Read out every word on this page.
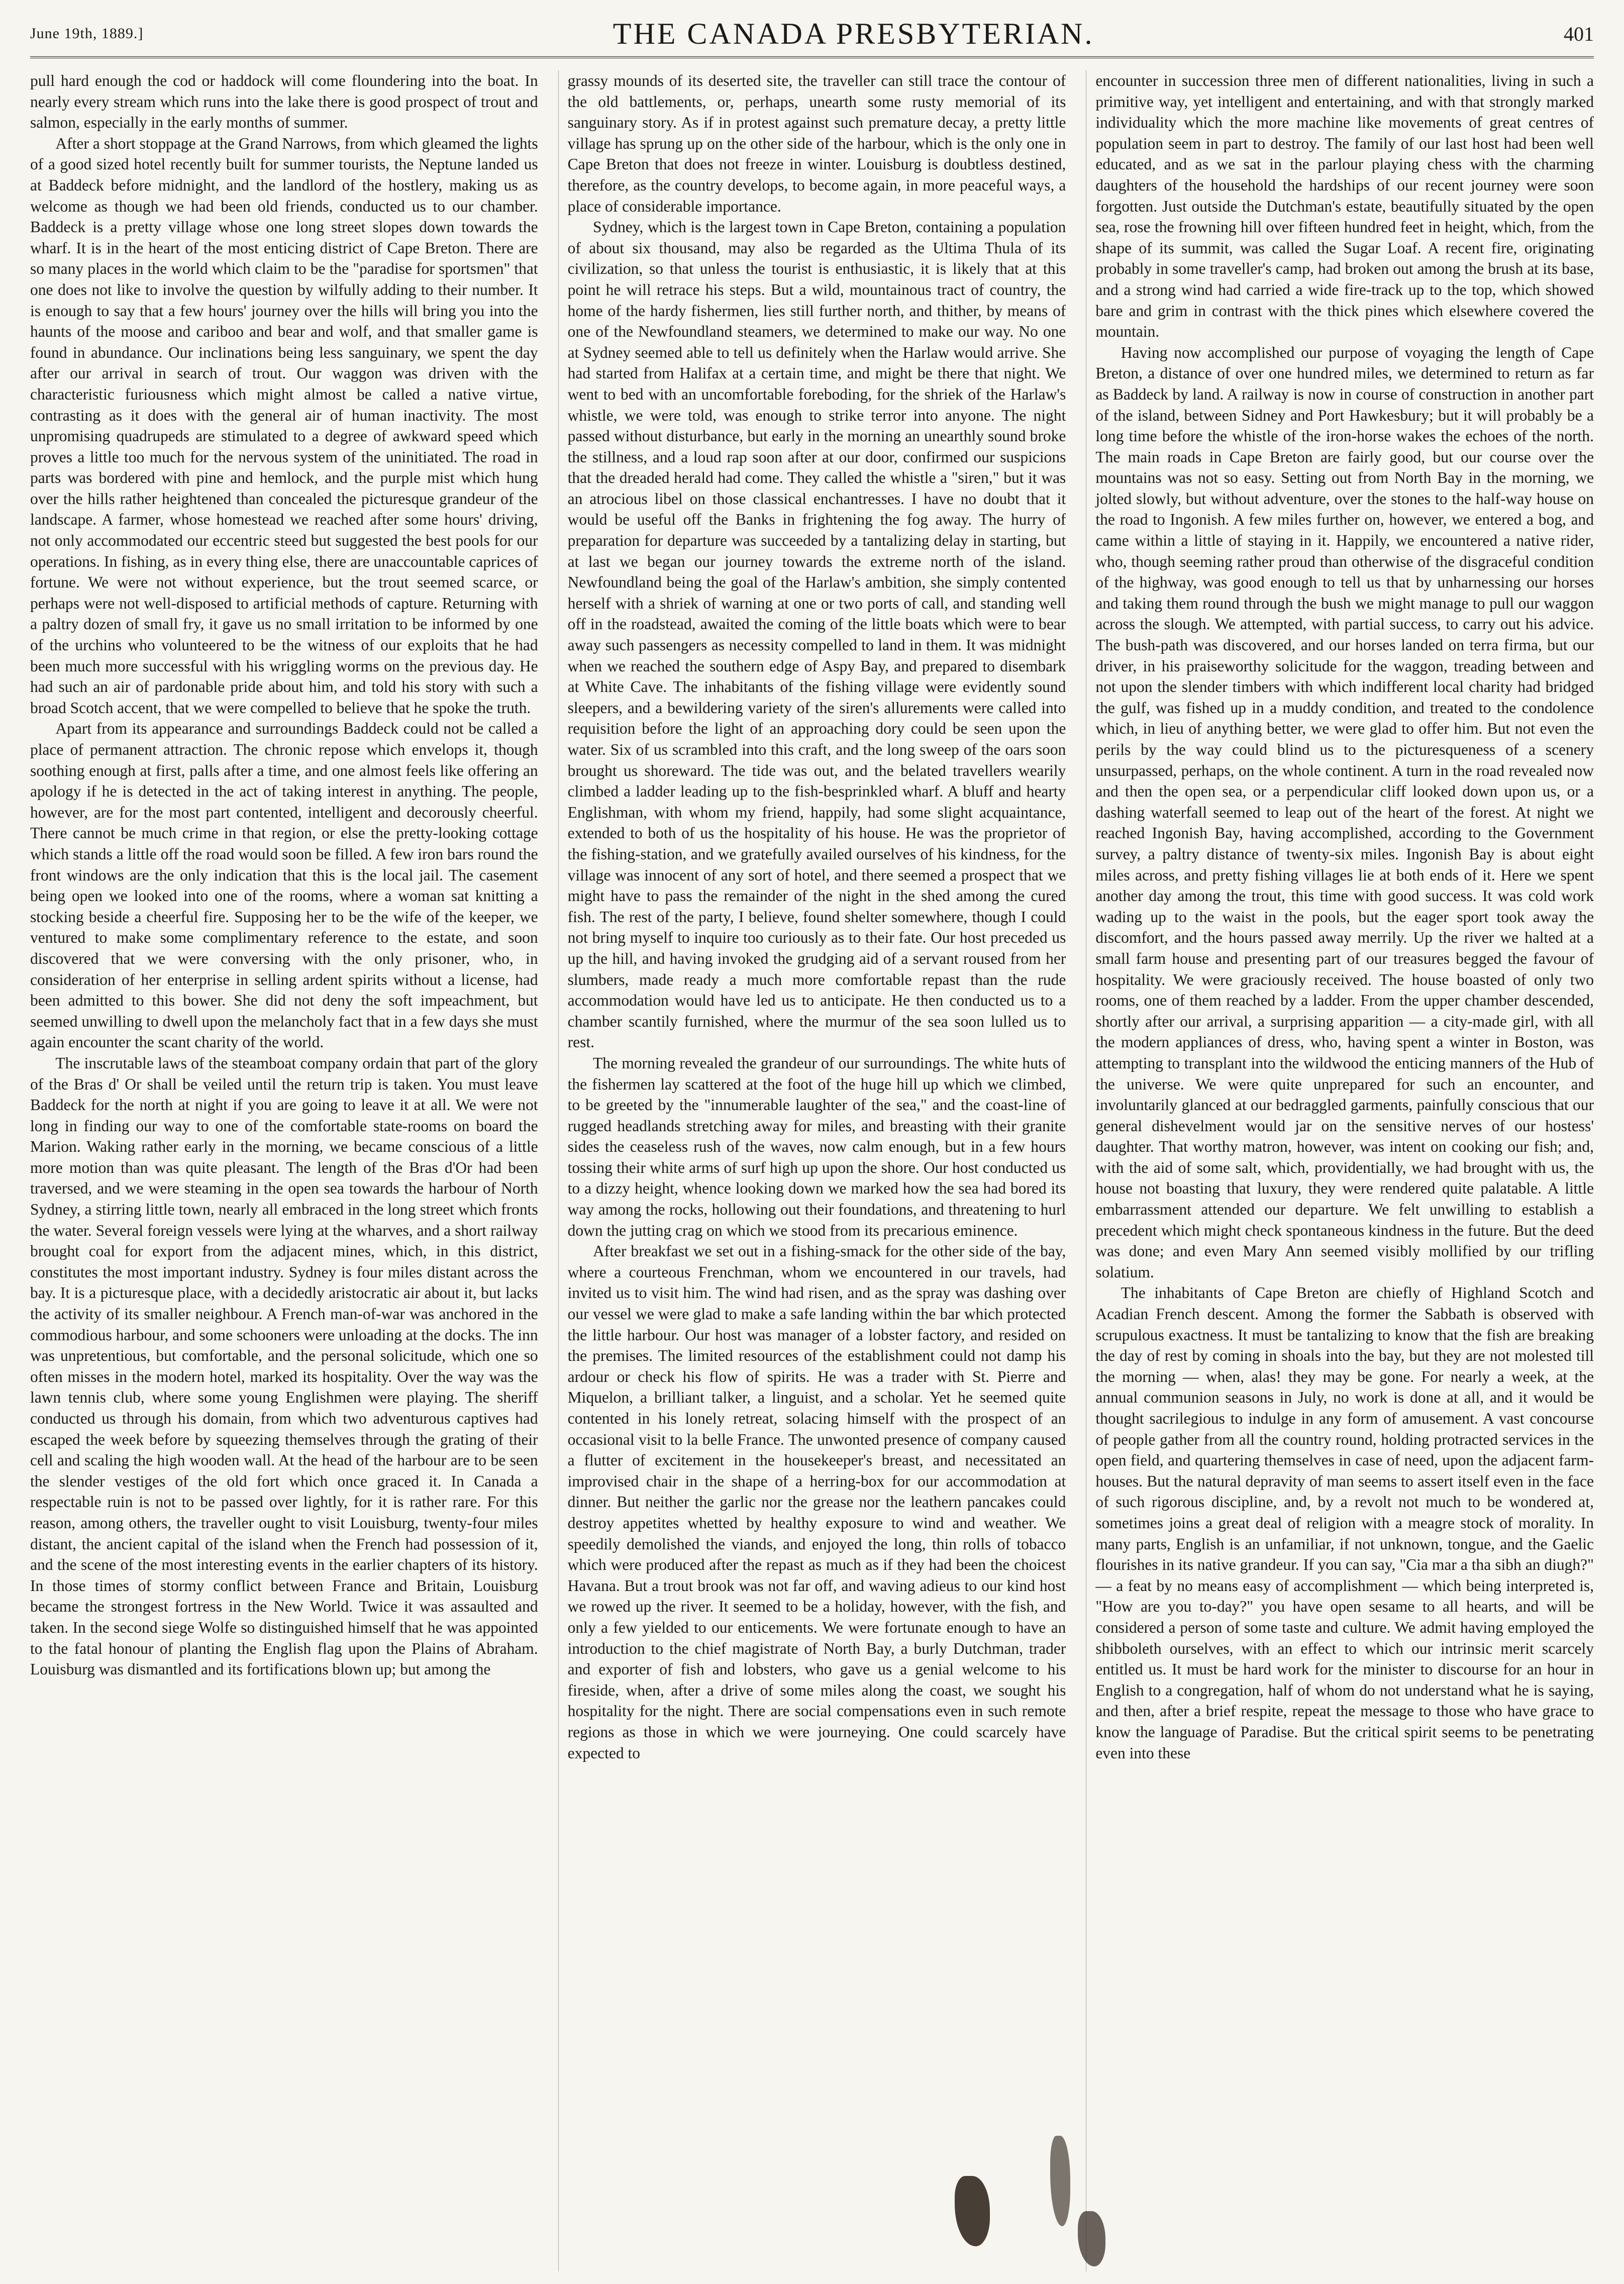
June 19th, 1889.]	THE CANADA PRESBYTERIAN.	401

pull hard enough the cod or haddock will come floundering into the boat. In nearly every stream which runs into the lake there is good prospect of trout and salmon, especially in the early months of summer.

After a short stoppage at the Grand Narrows, from which gleamed the lights of a good sized hotel recently built for summer tourists, the Neptune landed us at Baddeck before midnight, and the landlord of the hostlery, making us as welcome as though we had been old friends, conducted us to our chamber. Baddeck is a pretty village whose one long street slopes down towards the wharf. It is in the heart of the most enticing district of Cape Breton. There are so many places in the world which claim to be the "paradise for sportsmen" that one does not like to involve the question by wilfully adding to their number. It is enough to say that a few hours' journey over the hills will bring you into the haunts of the moose and cariboo and bear and wolf, and that smaller game is found in abundance. Our inclinations being less sanguinary, we spent the day after our arrival in search of trout. Our waggon was driven with the characteristic furiousness which might almost be called a native virtue, contrasting as it does with the general air of human inactivity. The most unpromising quadrupeds are stimulated to a degree of awkward speed which proves a little too much for the nervous system of the uninitiated. The road in parts was bordered with pine and hemlock, and the purple mist which hung over the hills rather heightened than concealed the picturesque grandeur of the landscape. A farmer, whose homestead we reached after some hours' driving, not only accommodated our eccentric steed but suggested the best pools for our operations. In fishing, as in every thing else, there are unaccountable caprices of fortune. We were not without experience, but the trout seemed scarce, or perhaps were not well-disposed to artificial methods of capture. Returning with a paltry dozen of small fry, it gave us no small irritation to be informed by one of the urchins who volunteered to be the witness of our exploits that he had been much more successful with his wriggling worms on the previous day. He had such an air of pardonable pride about him, and told his story with such a broad Scotch accent, that we were compelled to believe that he spoke the truth.

Apart from its appearance and surroundings Baddeck could not be called a place of permanent attraction. The chronic repose which envelops it, though soothing enough at first, palls after a time, and one almost feels like offering an apology if he is detected in the act of taking interest in anything. The people, however, are for the most part contented, intelligent and decorously cheerful. There cannot be much crime in that region, or else the pretty-looking cottage which stands a little off the road would soon be filled. A few iron bars round the front windows are the only indication that this is the local jail. The casement being open we looked into one of the rooms, where a woman sat knitting a stocking beside a cheerful fire. Supposing her to be the wife of the keeper, we ventured to make some complimentary reference to the estate, and soon discovered that we were conversing with the only prisoner, who, in consideration of her enterprise in selling ardent spirits without a license, had been admitted to this bower. She did not deny the soft impeachment, but seemed unwilling to dwell upon the melancholy fact that in a few days she must again encounter the scant charity of the world.

The inscrutable laws of the steamboat company ordain that part of the glory of the Bras d' Or shall be veiled until the return trip is taken. You must leave Baddeck for the north at night if you are going to leave it at all. We were not long in finding our way to one of the comfortable state-rooms on board the Marion. Waking rather early in the morning, we became conscious of a little more motion than was quite pleasant. The length of the Bras d'Or had been traversed, and we were steaming in the open sea towards the harbour of North Sydney, a stirring little town, nearly all embraced in the long street which fronts the water. Several foreign vessels were lying at the wharves, and a short railway brought coal for export from the adjacent mines, which, in this district, constitutes the most important industry. Sydney is four miles distant across the bay. It is a picturesque place, with a decidedly aristocratic air about it, but lacks the activity of its smaller neighbour. A French man-of-war was anchored in the commodious harbour, and some schooners were unloading at the docks. The inn was unpretentious, but comfortable, and the personal solicitude, which one so often misses in the modern hotel, marked its hospitality. Over the way was the lawn tennis club, where some young Englishmen were playing. The sheriff conducted us through his domain, from which two adventurous captives had escaped the week before by squeezing themselves through the grating of their cell and scaling the high wooden wall. At the head of the harbour are to be seen the slender vestiges of the old fort which once graced it. In Canada a respectable ruin is not to be passed over lightly, for it is rather rare. For this reason, among others, the traveller ought to visit Louisburg, twenty-four miles distant, the ancient capital of the island when the French had possession of it, and the scene of the most interesting events in the earlier chapters of its history. In those times of stormy conflict between France and Britain, Louisburg became the strongest fortress in the New World. Twice it was assaulted and taken. In the second siege Wolfe so distinguished himself that he was appointed to the fatal honour of planting the English flag upon the Plains of Abraham. Louisburg was dismantled and its fortifications blown up; but among the

grassy mounds of its deserted site, the traveller can still trace the contour of the old battlements, or, perhaps, unearth some rusty memorial of its sanguinary story. As if in protest against such premature decay, a pretty little village has sprung up on the other side of the harbour, which is the only one in Cape Breton that does not freeze in winter. Louisburg is doubtless destined, therefore, as the country develops, to become again, in more peaceful ways, a place of considerable importance.

Sydney, which is the largest town in Cape Breton, containing a population of about six thousand, may also be regarded as the Ultima Thula of its civilization, so that unless the tourist is enthusiastic, it is likely that at this point he will retrace his steps. But a wild, mountainous tract of country, the home of the hardy fishermen, lies still further north, and thither, by means of one of the Newfoundland steamers, we determined to make our way. No one at Sydney seemed able to tell us definitely when the Harlaw would arrive. She had started from Halifax at a certain time, and might be there that night. We went to bed with an uncomfortable foreboding, for the shriek of the Harlaw's whistle, we were told, was enough to strike terror into anyone. The night passed without disturbance, but early in the morning an unearthly sound broke the stillness, and a loud rap soon after at our door, confirmed our suspicions that the dreaded herald had come. They called the whistle a "siren," but it was an atrocious libel on those classical enchantresses. I have no doubt that it would be useful off the Banks in frightening the fog away. The hurry of preparation for departure was succeeded by a tantalizing delay in starting, but at last we began our journey towards the extreme north of the island. Newfoundland being the goal of the Harlaw's ambition, she simply contented herself with a shriek of warning at one or two ports of call, and standing well off in the roadstead, awaited the coming of the little boats which were to bear away such passengers as necessity compelled to land in them. It was midnight when we reached the southern edge of Aspy Bay, and prepared to disembark at White Cave. The inhabitants of the fishing village were evidently sound sleepers, and a bewildering variety of the siren's allurements were called into requisition before the light of an approaching dory could be seen upon the water. Six of us scrambled into this craft, and the long sweep of the oars soon brought us shoreward. The tide was out, and the belated travellers wearily climbed a ladder leading up to the fish-besprinkled wharf. A bluff and hearty Englishman, with whom my friend, happily, had some slight acquaintance, extended to both of us the hospitality of his house. He was the proprietor of the fishing-station, and we gratefully availed ourselves of his kindness, for the village was innocent of any sort of hotel, and there seemed a prospect that we might have to pass the remainder of the night in the shed among the cured fish. The rest of the party, I believe, found shelter somewhere, though I could not bring myself to inquire too curiously as to their fate. Our host preceded us up the hill, and having invoked the grudging aid of a servant roused from her slumbers, made ready a much more comfortable repast than the rude accommodation would have led us to anticipate. He then conducted us to a chamber scantily furnished, where the murmur of the sea soon lulled us to rest.

The morning revealed the grandeur of our surroundings. The white huts of the fishermen lay scattered at the foot of the huge hill up which we climbed, to be greeted by the "innumerable laughter of the sea," and the coast-line of rugged headlands stretching away for miles, and breasting with their granite sides the ceaseless rush of the waves, now calm enough, but in a few hours tossing their white arms of surf high up upon the shore. Our host conducted us to a dizzy height, whence looking down we marked how the sea had bored its way among the rocks, hollowing out their foundations, and threatening to hurl down the jutting crag on which we stood from its precarious eminence.

After breakfast we set out in a fishing-smack for the other side of the bay, where a courteous Frenchman, whom we encountered in our travels, had invited us to visit him. The wind had risen, and as the spray was dashing over our vessel we were glad to make a safe landing within the bar which protected the little harbour. Our host was manager of a lobster factory, and resided on the premises. The limited resources of the establishment could not damp his ardour or check his flow of spirits. He was a trader with St. Pierre and Miquelon, a brilliant talker, a linguist, and a scholar. Yet he seemed quite contented in his lonely retreat, solacing himself with the prospect of an occasional visit to la belle France. The unwonted presence of company caused a flutter of excitement in the housekeeper's breast, and necessitated an improvised chair in the shape of a herring-box for our accommodation at dinner. But neither the garlic nor the grease nor the leathern pancakes could destroy appetites whetted by healthy exposure to wind and weather. We speedily demolished the viands, and enjoyed the long, thin rolls of tobacco which were produced after the repast as much as if they had been the choicest Havana. But a trout brook was not far off, and waving adieus to our kind host we rowed up the river. It seemed to be a holiday, however, with the fish, and only a few yielded to our enticements. We were fortunate enough to have an introduction to the chief magistrate of North Bay, a burly Dutchman, trader and exporter of fish and lobsters, who gave us a genial welcome to his fireside, when, after a drive of some miles along the coast, we sought his hospitality for the night. There are social compensations even in such remote regions as those in which we were journeying. One could scarcely have expected to

encounter in succession three men of different nationalities, living in such a primitive way, yet intelligent and entertaining, and with that strongly marked individuality which the more machine like movements of great centres of population seem in part to destroy. The family of our last host had been well educated, and as we sat in the parlour playing chess with the charming daughters of the household the hardships of our recent journey were soon forgotten. Just outside the Dutchman's estate, beautifully situated by the open sea, rose the frowning hill over fifteen hundred feet in height, which, from the shape of its summit, was called the Sugar Loaf. A recent fire, originating probably in some traveller's camp, had broken out among the brush at its base, and a strong wind had carried a wide fire-track up to the top, which showed bare and grim in contrast with the thick pines which elsewhere covered the mountain.

Having now accomplished our purpose of voyaging the length of Cape Breton, a distance of over one hundred miles, we determined to return as far as Baddeck by land. A railway is now in course of construction in another part of the island, between Sidney and Port Hawkesbury; but it will probably be a long time before the whistle of the iron-horse wakes the echoes of the north. The main roads in Cape Breton are fairly good, but our course over the mountains was not so easy. Setting out from North Bay in the morning, we jolted slowly, but without adventure, over the stones to the half-way house on the road to Ingonish. A few miles further on, however, we entered a bog, and came within a little of staying in it. Happily, we encountered a native rider, who, though seeming rather proud than otherwise of the disgraceful condition of the highway, was good enough to tell us that by unharnessing our horses and taking them round through the bush we might manage to pull our waggon across the slough. We attempted, with partial success, to carry out his advice. The bush-path was discovered, and our horses landed on terra firma, but our driver, in his praiseworthy solicitude for the waggon, treading between and not upon the slender timbers with which indifferent local charity had bridged the gulf, was fished up in a muddy condition, and treated to the condolence which, in lieu of anything better, we were glad to offer him. But not even the perils by the way could blind us to the picturesqueness of a scenery unsurpassed, perhaps, on the whole continent. A turn in the road revealed now and then the open sea, or a perpendicular cliff looked down upon us, or a dashing waterfall seemed to leap out of the heart of the forest. At night we reached Ingonish Bay, having accomplished, according to the Government survey, a paltry distance of twenty-six miles. Ingonish Bay is about eight miles across, and pretty fishing villages lie at both ends of it. Here we spent another day among the trout, this time with good success. It was cold work wading up to the waist in the pools, but the eager sport took away the discomfort, and the hours passed away merrily. Up the river we halted at a small farm house and presenting part of our treasures begged the favour of hospitality. We were graciously received. The house boasted of only two rooms, one of them reached by a ladder. From the upper chamber descended, shortly after our arrival, a surprising apparition — a city-made girl, with all the modern appliances of dress, who, having spent a winter in Boston, was attempting to transplant into the wildwood the enticing manners of the Hub of the universe. We were quite unprepared for such an encounter, and involuntarily glanced at our bedraggled garments, painfully conscious that our general dishevelment would jar on the sensitive nerves of our hostess' daughter. That worthy matron, however, was intent on cooking our fish; and, with the aid of some salt, which, providentially, we had brought with us, the house not boasting that luxury, they were rendered quite palatable. A little embarrassment attended our departure. We felt unwilling to establish a precedent which might check spontaneous kindness in the future. But the deed was done; and even Mary Ann seemed visibly mollified by our trifling solatium.

The inhabitants of Cape Breton are chiefly of Highland Scotch and Acadian French descent. Among the former the Sabbath is observed with scrupulous exactness. It must be tantalizing to know that the fish are breaking the day of rest by coming in shoals into the bay, but they are not molested till the morning — when, alas! they may be gone. For nearly a week, at the annual communion seasons in July, no work is done at all, and it would be thought sacrilegious to indulge in any form of amusement. A vast concourse of people gather from all the country round, holding protracted services in the open field, and quartering themselves in case of need, upon the adjacent farm-houses. But the natural depravity of man seems to assert itself even in the face of such rigorous discipline, and, by a revolt not much to be wondered at, sometimes joins a great deal of religion with a meagre stock of morality. In many parts, English is an unfamiliar, if not unknown, tongue, and the Gaelic flourishes in its native grandeur. If you can say, "Cia mar a tha sibh an diugh?" — a feat by no means easy of accomplishment — which being interpreted is, "How are you to-day?" you have open sesame to all hearts, and will be considered a person of some taste and culture. We admit having employed the shibboleth ourselves, with an effect to which our intrinsic merit scarcely entitled us. It must be hard work for the minister to discourse for an hour in English to a congregation, half of whom do not understand what he is saying, and then, after a brief respite, repeat the message to those who have grace to know the language of Paradise. But the critical spirit seems to be penetrating even into these
